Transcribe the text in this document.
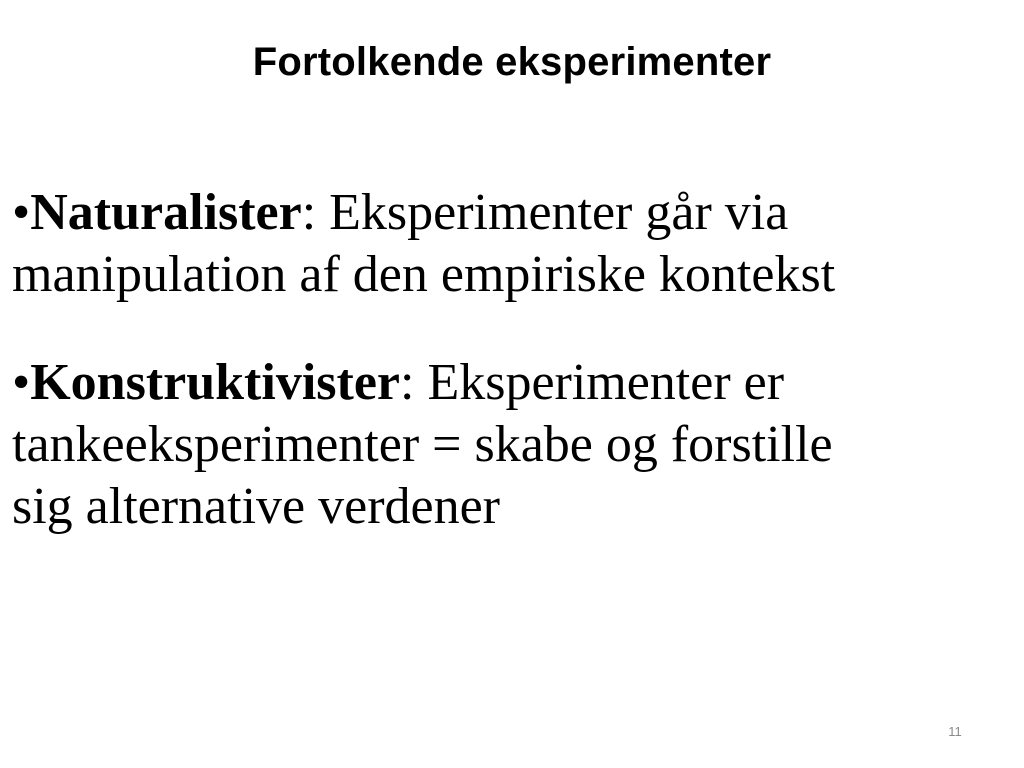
Fortolkende eksperimenter

•Naturalister: Eksperimenter går via
manipulation af den empiriske kontekst

•Konstruktivister: Eksperimenter er
tankeeksperimenter = skabe og forstille
sig alternative verdener

11
